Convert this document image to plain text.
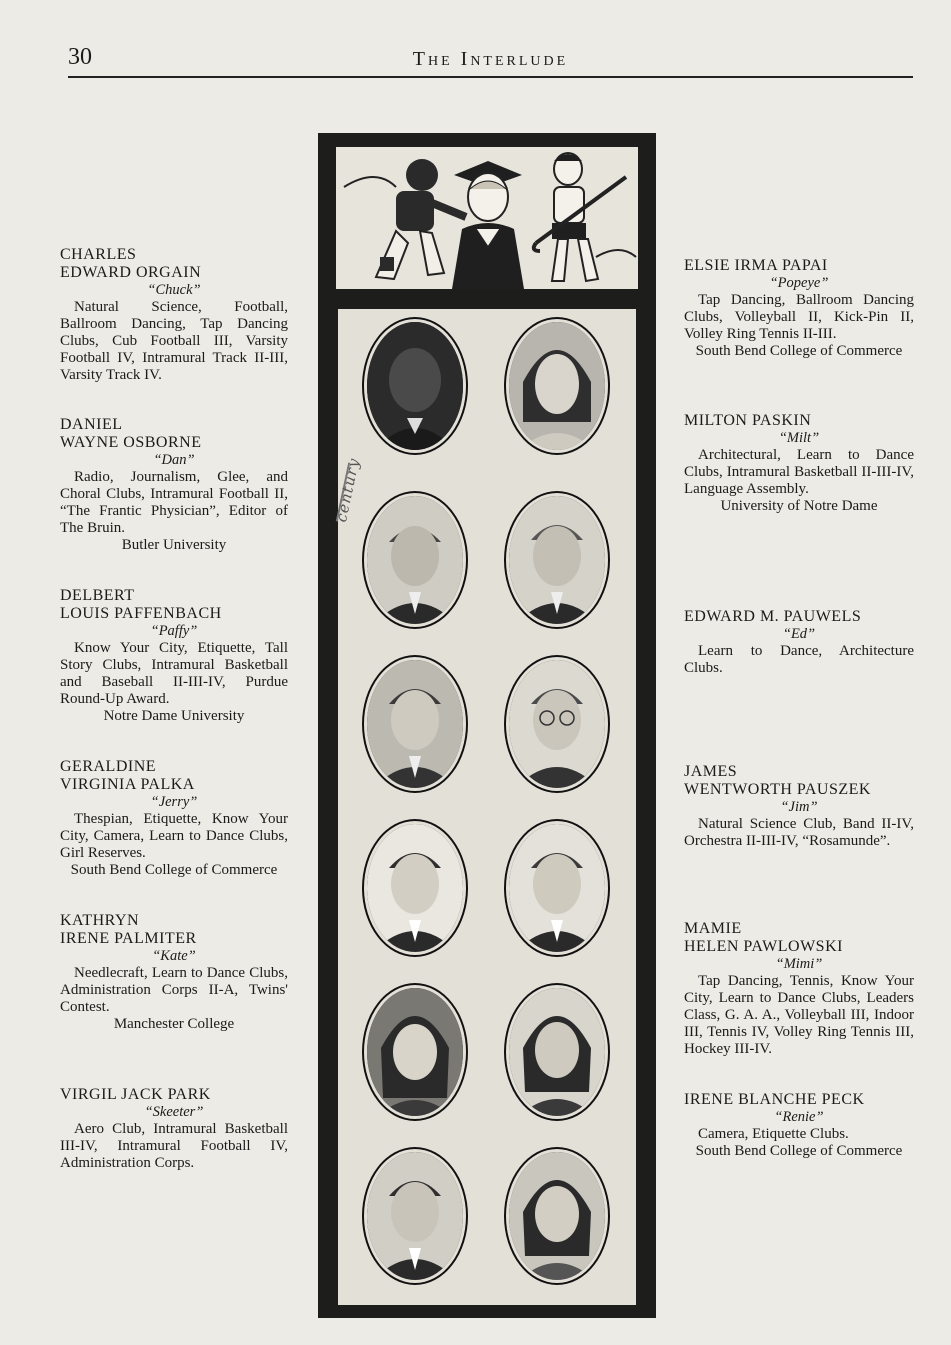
30	The Interlude
CHARLES
EDWARD ORGAIN
“Chuck”
Natural Science, Football, Ballroom Dancing, Tap Dancing Clubs, Cub Football III, Varsity Football IV, Intramural Track II-III, Varsity Track IV.
DANIEL
WAYNE OSBORNE
“Dan”
Radio, Journalism, Glee, and Choral Clubs, Intramural Football II, “The Frantic Physician”, Editor of The Bruin.
Butler University
DELBERT
LOUIS PAFFENBACH
“Paffy”
Know Your City, Etiquette, Tall Story Clubs, Intramural Basketball and Baseball II-III-IV, Purdue Round-Up Award.
Notre Dame University
GERALDINE
VIRGINIA PALKA
“Jerry”
Thespian, Etiquette, Know Your City, Camera, Learn to Dance Clubs, Girl Reserves.
South Bend College of Commerce
KATHRYN
IRENE PALMITER
“Kate”
Needlecraft, Learn to Dance Clubs, Administration Corps II-A, Twins' Contest.
Manchester College
VIRGIL JACK PARK
“Skeeter”
Aero Club, Intramural Basketball III-IV, Intramural Football IV, Administration Corps.
ELSIE IRMA PAPAI
“Popeye”
Tap Dancing, Ballroom Dancing Clubs, Volleyball II, Kick-Pin II, Volley Ring Tennis II-III.
South Bend College of Commerce
MILTON PASKIN
“Milt”
Architectural, Learn to Dance Clubs, Intramural Basketball II-III-IV, Language Assembly.
University of Notre Dame
EDWARD M. PAUWELS
“Ed”
Learn to Dance, Architecture Clubs.
JAMES
WENTWORTH PAUSZEK
“Jim”
Natural Science Club, Band II-IV, Orchestra II-III-IV, “Rosamunde”.
MAMIE
HELEN PAWLOWSKI
“Mimi”
Tap Dancing, Tennis, Know Your City, Learn to Dance Clubs, Leaders Class, G. A. A., Volleyball III, Indoor III, Tennis IV, Volley Ring Tennis III, Hockey III-IV.
IRENE BLANCHE PECK
“Renie”
Camera, Etiquette Clubs.
South Bend College of Commerce
century
